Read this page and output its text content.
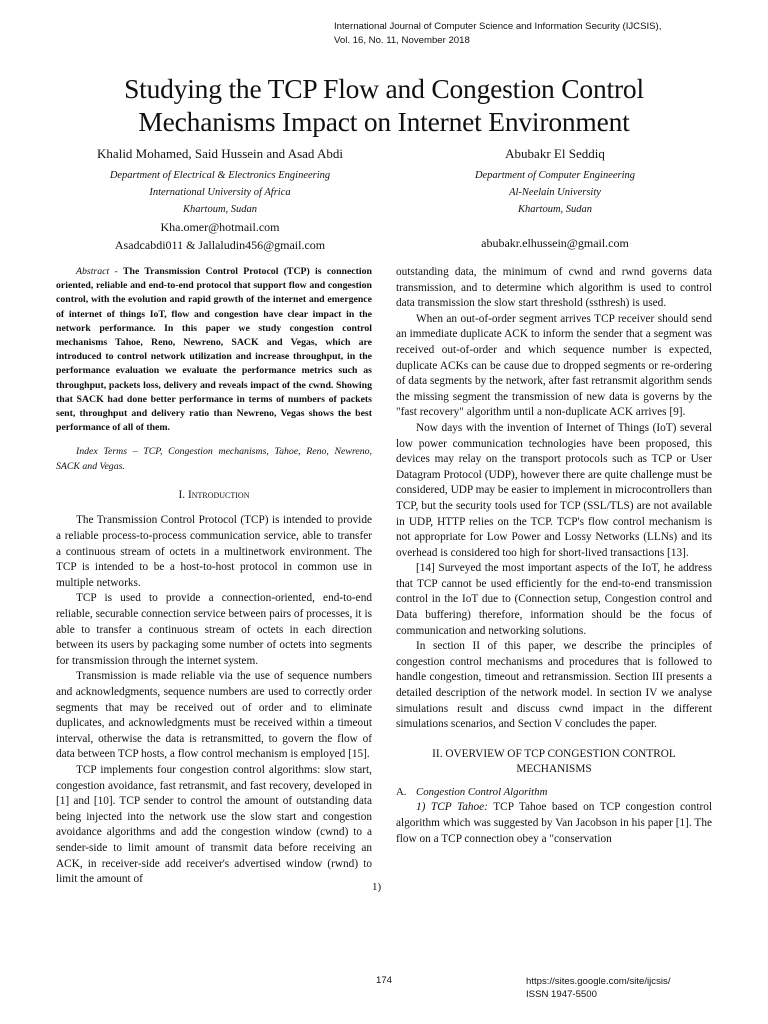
International Journal of Computer Science and Information Security (IJCSIS),
Vol. 16, No. 11, November 2018
Studying the TCP Flow and Congestion Control
Mechanisms Impact on Internet Environment
Khalid Mohamed, Said Hussein and Asad Abdi
Department of Electrical & Electronics Engineering
International University of Africa
Khartoum, Sudan
Kha.omer@hotmail.com
Asadcabdi011 & Jallaludin456@gmail.com
Abubakr El Seddiq
Department of Computer Engineering
Al-Neelain University
Khartoum, Sudan
abubakr.elhussein@gmail.com

Abstract - The Transmission Control Protocol (TCP) is connection oriented, reliable and end-to-end protocol that support flow and congestion control, with the evolution and rapid growth of the internet and emergence of internet of things IoT, flow and congestion have clear impact in the network performance. In this paper we study congestion control mechanisms Tahoe, Reno, Newreno, SACK and Vegas, which are introduced to control network utilization and increase throughput, in the performance evaluation we evaluate the performance metrics such as throughput, packets loss, delivery and reveals impact of the cwnd. Showing that SACK had done better performance in terms of numbers of packets sent, throughput and delivery ratio than Newreno, Vegas shows the best performance of all of them.

Index Terms – TCP, Congestion mechanisms, Tahoe, Reno, Newreno, SACK and Vegas.

I. Introduction

The Transmission Control Protocol (TCP) is intended to provide a reliable process-to-process communication service, able to transfer a continuous stream of octets in a multinetwork environment. The TCP is intended to be a host-to-host protocol in common use in multiple networks.

TCP is used to provide a connection-oriented, end-to-end reliable, securable connection service between pairs of processes, it is able to transfer a continuous stream of octets in each direction between its users by packaging some number of octets into segments for transmission through the internet system.

Transmission is made reliable via the use of sequence numbers and acknowledgments, sequence numbers are used to correctly order segments that may be received out of order and to eliminate duplicates, and acknowledgments must be received within a timeout interval, otherwise the data is retransmitted, to govern the flow of data between TCP hosts, a flow control mechanism is employed [15].

TCP implements four congestion control algorithms: slow start, congestion avoidance, fast retransmit, and fast recovery, developed in [1] and [10]. TCP sender to control the amount of outstanding data being injected into the network use the slow start and congestion avoidance algorithms and add the congestion window (cwnd) to a sender-side to limit amount of transmit data before receiving an ACK, in receiver-side add receiver's advertised window (rwnd) to limit the amount of

1)

outstanding data, the minimum of cwnd and rwnd governs data transmission, and to determine which algorithm is used to control data transmission the slow start threshold (ssthresh) is used.

When an out-of-order segment arrives TCP receiver should send an immediate duplicate ACK to inform the sender that a segment was received out-of-order and which sequence number is expected, duplicate ACKs can be cause due to dropped segments or re-ordering of data segments by the network, after fast retransmit algorithm sends the missing segment the transmission of new data is governs by the "fast recovery" algorithm until a non-duplicate ACK arrives [9].

Now days with the invention of Internet of Things (IoT) several low power communication technologies have been proposed, this devices may relay on the transport protocols such as TCP or User Datagram Protocol (UDP), however there are quite challenge must be considered, UDP may be easier to implement in microcontrollers than TCP, but the security tools used for TCP (SSL/TLS) are not available in UDP, HTTP relies on the TCP. TCP's flow control mechanism is not appropriate for Low Power and Lossy Networks (LLNs) and its overhead is considered too high for short-lived transactions [13].

[14] Surveyed the most important aspects of the IoT, he address that TCP cannot be used efficiently for the end-to-end transmission control in the IoT due to (Connection setup, Congestion control and Data buffering) therefore, information should be the focus of communication and networking solutions.

In section II of this paper, we describe the principles of congestion control mechanisms and procedures that is followed to handle congestion, timeout and retransmission. Section III presents a detailed description of the network model. In section IV we analyse simulations result and discuss cwnd impact in the different simulations scenarios, and Section V concludes the paper.

II. OVERVIEW OF TCP CONGESTION CONTROL
MECHANISMS

A. Congestion Control Algorithm

1) TCP Tahoe: TCP Tahoe based on TCP congestion control algorithm which was suggested by Van Jacobson in his paper [1]. The flow on a TCP connection obey a "conservation

174	https://sites.google.com/site/ijcsis/
ISSN 1947-5500
